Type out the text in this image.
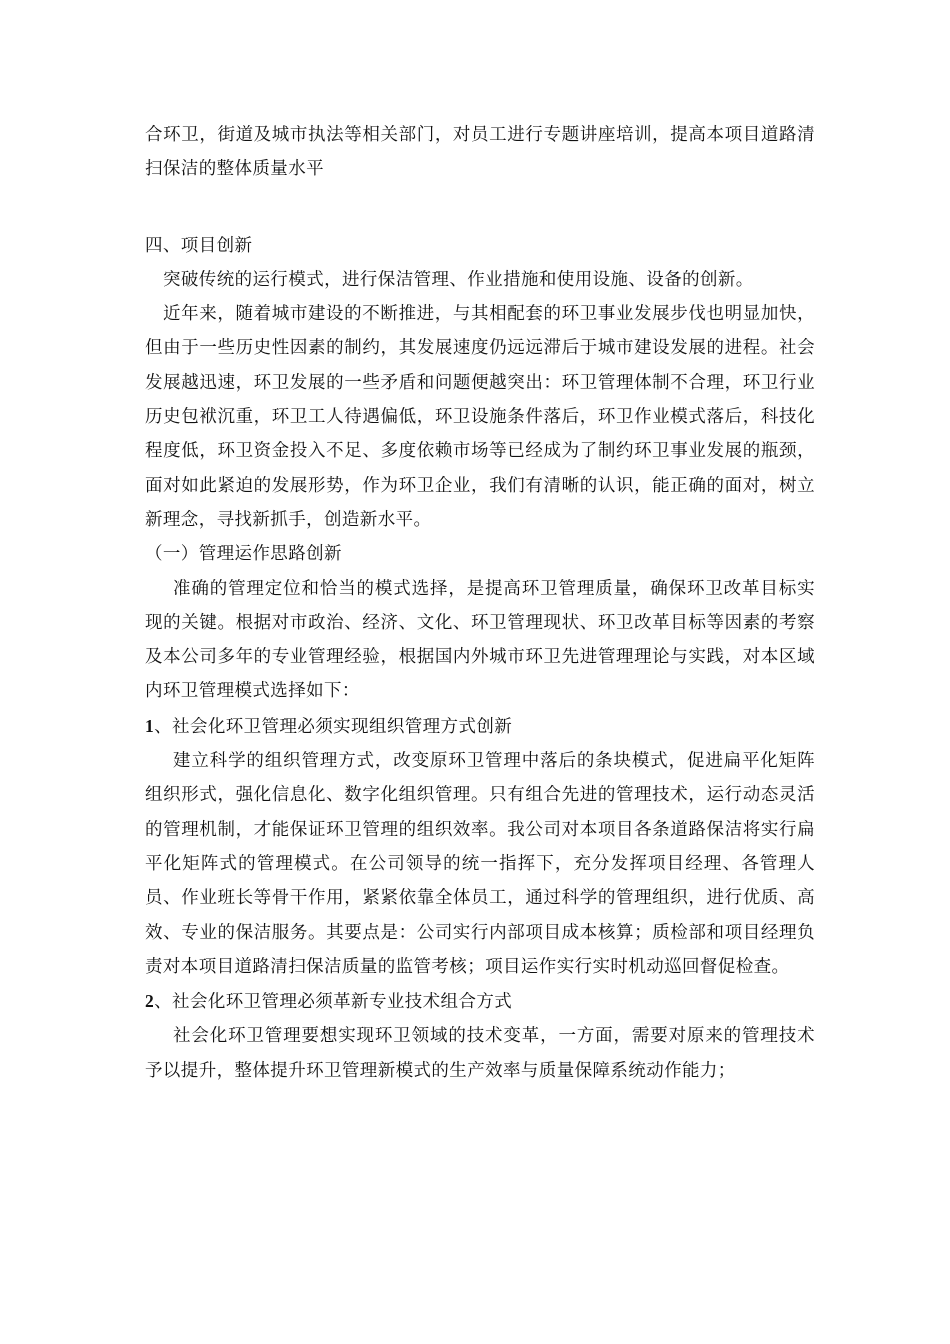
合环卫，街道及城市执法等相关部门，对员工进行专题讲座培训，提高本项目道路清扫保洁的整体质量水平

四、项目创新

突破传统的运行模式，进行保洁管理、作业措施和使用设施、设备的创新。

近年来，随着城市建设的不断推进，与其相配套的环卫事业发展步伐也明显加快，但由于一些历史性因素的制约，其发展速度仍远远滞后于城市建设发展的进程。社会发展越迅速，环卫发展的一些矛盾和问题便越突出：环卫管理体制不合理，环卫行业历史包袱沉重，环卫工人待遇偏低，环卫设施条件落后，环卫作业模式落后，科技化程度低，环卫资金投入不足、多度依赖市场等已经成为了制约环卫事业发展的瓶颈，面对如此紧迫的发展形势，作为环卫企业，我们有清晰的认识，能正确的面对，树立新理念，寻找新抓手，创造新水平。

（一）管理运作思路创新

准确的管理定位和恰当的模式选择，是提高环卫管理质量，确保环卫改革目标实现的关键。根据对市政治、经济、文化、环卫管理现状、环卫改革目标等因素的考察及本公司多年的专业管理经验，根据国内外城市环卫先进管理理论与实践，对本区域内环卫管理模式选择如下：

1、社会化环卫管理必须实现组织管理方式创新

建立科学的组织管理方式，改变原环卫管理中落后的条块模式，促进扁平化矩阵组织形式，强化信息化、数字化组织管理。只有组合先进的管理技术，运行动态灵活的管理机制，才能保证环卫管理的组织效率。我公司对本项目各条道路保洁将实行扁平化矩阵式的管理模式。在公司领导的统一指挥下，充分发挥项目经理、各管理人员、作业班长等骨干作用，紧紧依靠全体员工，通过科学的管理组织，进行优质、高效、专业的保洁服务。其要点是：公司实行内部项目成本核算；质检部和项目经理负责对本项目道路清扫保洁质量的监管考核；项目运作实行实时机动巡回督促检查。

2、社会化环卫管理必须革新专业技术组合方式

社会化环卫管理要想实现环卫领域的技术变革，一方面，需要对原来的管理技术予以提升，整体提升环卫管理新模式的生产效率与质量保障系统动作能力；
